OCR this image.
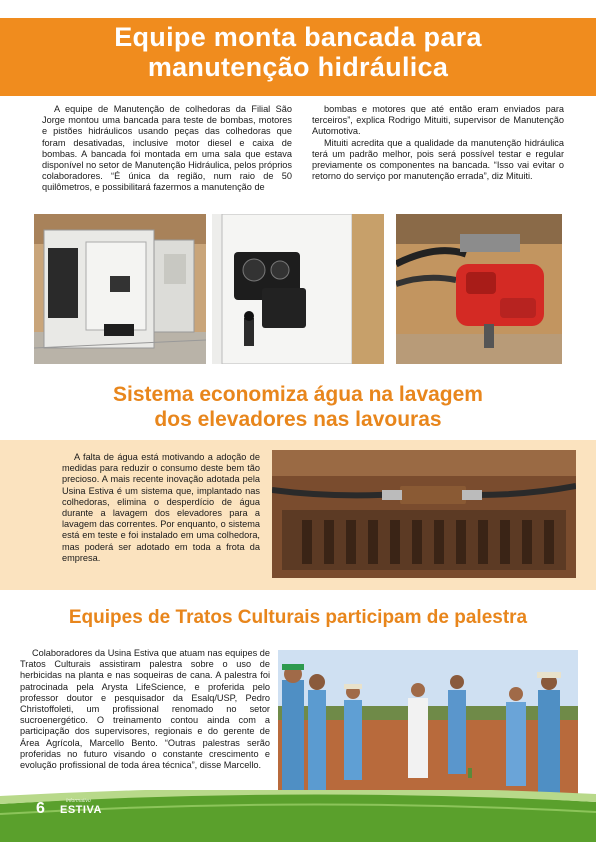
Equipe monta bancada para
manutenção hidráulica

A equipe de Manutenção de colhedoras da Filial São Jorge montou uma bancada para teste de bombas, motores e pistões hidráulicos usando peças das colhedoras que foram desativadas, inclusive motor diesel e caixa de bombas. A bancada foi montada em uma sala que estava disponível no setor de Manutenção Hidráulica, pelos próprios colaboradores. “É única da região, num raio de 50 quilômetros, e possibilitará fazermos a manutenção de

bombas e motores que até então eram enviados para terceiros”, explica Rodrigo Mituiti, supervisor de Manutenção Automotiva.

Mituiti acredita que a qualidade da manutenção hidráulica terá um padrão melhor, pois será possível testar e regular previamente os componentes na bancada. “Isso vai evitar o retorno do serviço por manutenção errada”, diz Mituiti.

Sistema economiza água na lavagem
dos elevadores nas lavouras

A falta de água está motivando a adoção de medidas para reduzir o consumo deste bem tão precioso. A mais recente inovação adotada pela Usina Estiva é um sistema que, implantado nas colhedoras, elimina o desperdício de água durante a lavagem dos elevadores para a lavagem das correntes. Por enquanto, o sistema está em teste e foi instalado em uma colhedora, mas poderá ser adotado em toda a frota da empresa.

Equipes de Tratos Culturais participam de palestra

Colaboradores da Usina Estiva que atuam nas equipes de Tratos Culturais assistiram palestra sobre o uso de herbicidas na planta e nas soqueiras de cana. A palestra foi patrocinada pela Arysta LifeScience, e proferida pelo professor doutor e pesquisador da Esalq/USP, Pedro Christoffoleti, um profissional renomado no setor sucroenergético. O treinamento contou ainda com a participação dos supervisores, regionais e do gerente de Área Agrícola, Marcello Bento. “Outras palestras serão proferidas no futuro visando o constante crescimento e evolução profissional de toda área técnica”, disse Marcello.

6	Informativo
ESTIVA
